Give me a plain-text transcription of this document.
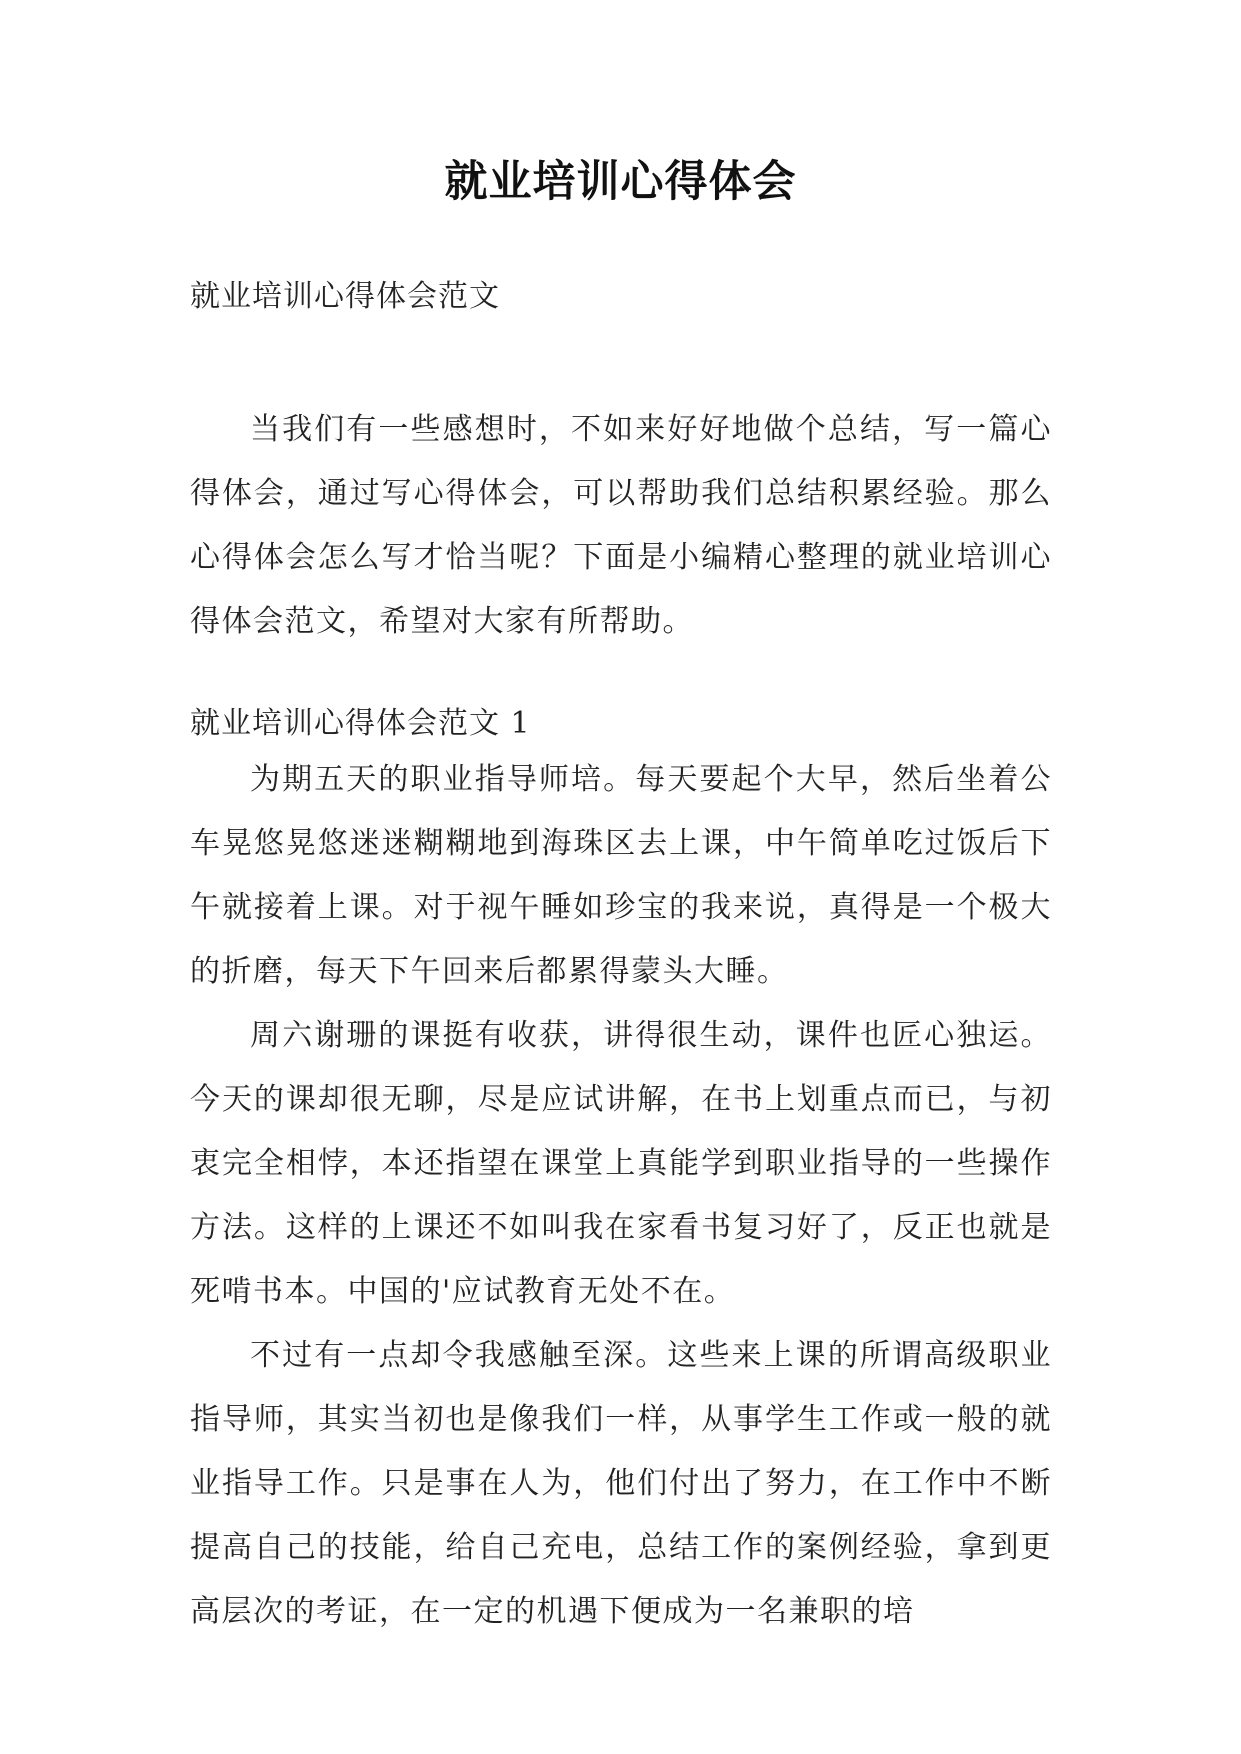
就业培训心得体会
就业培训心得体会范文

当我们有一些感想时，不如来好好地做个总结，写一篇心得体会，通过写心得体会，可以帮助我们总结积累经验。那么心得体会怎么写才恰当呢？下面是小编精心整理的就业培训心得体会范文，希望对大家有所帮助。

就业培训心得体会范文 1

为期五天的职业指导师培。每天要起个大早，然后坐着公车晃悠晃悠迷迷糊糊地到海珠区去上课，中午简单吃过饭后下午就接着上课。对于视午睡如珍宝的我来说，真得是一个极大的折磨，每天下午回来后都累得蒙头大睡。

周六谢珊的课挺有收获，讲得很生动，课件也匠心独运。今天的课却很无聊，尽是应试讲解，在书上划重点而已，与初衷完全相悖，本还指望在课堂上真能学到职业指导的一些操作方法。这样的上课还不如叫我在家看书复习好了，反正也就是死啃书本。中国的'应试教育无处不在。

不过有一点却令我感触至深。这些来上课的所谓高级职业指导师，其实当初也是像我们一样，从事学生工作或一般的就业指导工作。只是事在人为，他们付出了努力，在工作中不断提高自己的技能，给自己充电，总结工作的案例经验，拿到更高层次的考证，在一定的机遇下便成为一名兼职的培
